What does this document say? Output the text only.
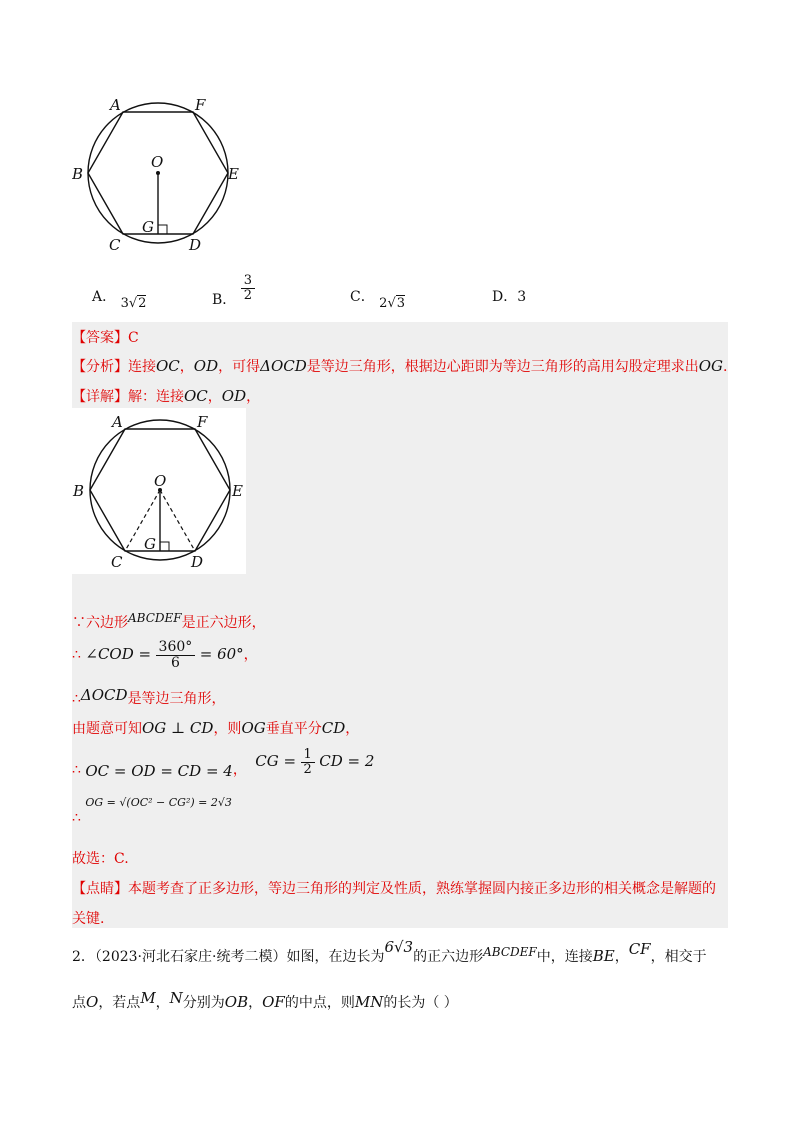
A	F
B	E
O
G
C	D
A． 3√2	B． $\frac{3}{2}$	C． 2√3	D．3
【答案】C
【分析】连接OC，OD，可得ΔOCD是等边三角形，根据边心距即为等边三角形的高用勾股定理求出OG.
【详解】解：连接OC，OD，
A	F
B	E
O
G
C	D
∵六边形ABCDEF是正六边形，
∴ ∠COD = $\frac{360^\circ}{6} = 60^\circ$，
∴ΔOCD是等边三角形，
由题意可知OG ⊥ CD，则OG垂直平分CD，
∴ OC = OD = CD = 4， CG = $\frac{1}{2}$ CD = 2
∴ $^{OG = √(OC^2 - CG^2) = 2√3}$
故选：C.
【点睛】本题考查了正多边形，等边三角形的判定及性质，熟练掌握圆内接正多边形的相关概念是解题的
关键.
2．（2023·河北石家庄·统考二模）如图，在边长为6√3的正六边形ABCDEF中，连接BE，CF，相交于
点O，若点M，N分别为OB，OF的中点，则MN的长为（ ）
